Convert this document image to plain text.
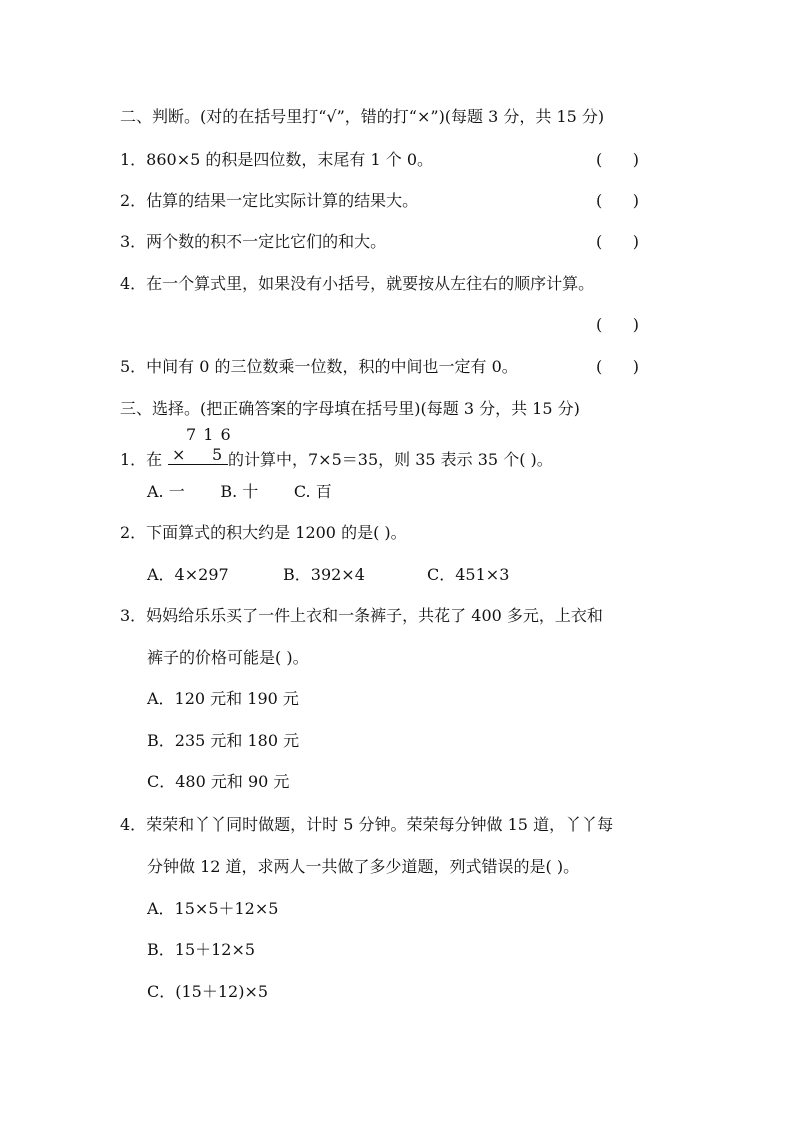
二、判断。(对的在括号里打“√”，错的打“×”)(每题 3 分，共 15 分)
1．860×5 的积是四位数，末尾有 1 个 0。	(      )
2．估算的结果一定比实际计算的结果大。	(      )
3．两个数的积不一定比它们的和大。	(      )
4．在一个算式里，如果没有小括号，就要按从左往右的顺序计算。
(      )
5．中间有 0 的三位数乘一位数，积的中间也一定有 0。	(      )
三、选择。(把正确答案的字母填在括号里)(每题 3 分，共 15 分)
7 1 6
1．在 × 5 的计算中，7×5＝35，则 35 表示 35 个( )。
A. 一       B. 十       C. 百
2．下面算式的积大约是 1200 的是( )。
A．4×297	B．392×4	C．451×3
3．妈妈给乐乐买了一件上衣和一条裤子，共花了 400 多元，上衣和
裤子的价格可能是( )。
A．120 元和 190 元
B．235 元和 180 元
C．480 元和 90 元
4．荣荣和丫丫同时做题，计时 5 分钟。荣荣每分钟做 15 道，丫丫每
分钟做 12 道，求两人一共做了多少道题，列式错误的是( )。
A．15×5＋12×5
B．15＋12×5
C．(15＋12)×5
